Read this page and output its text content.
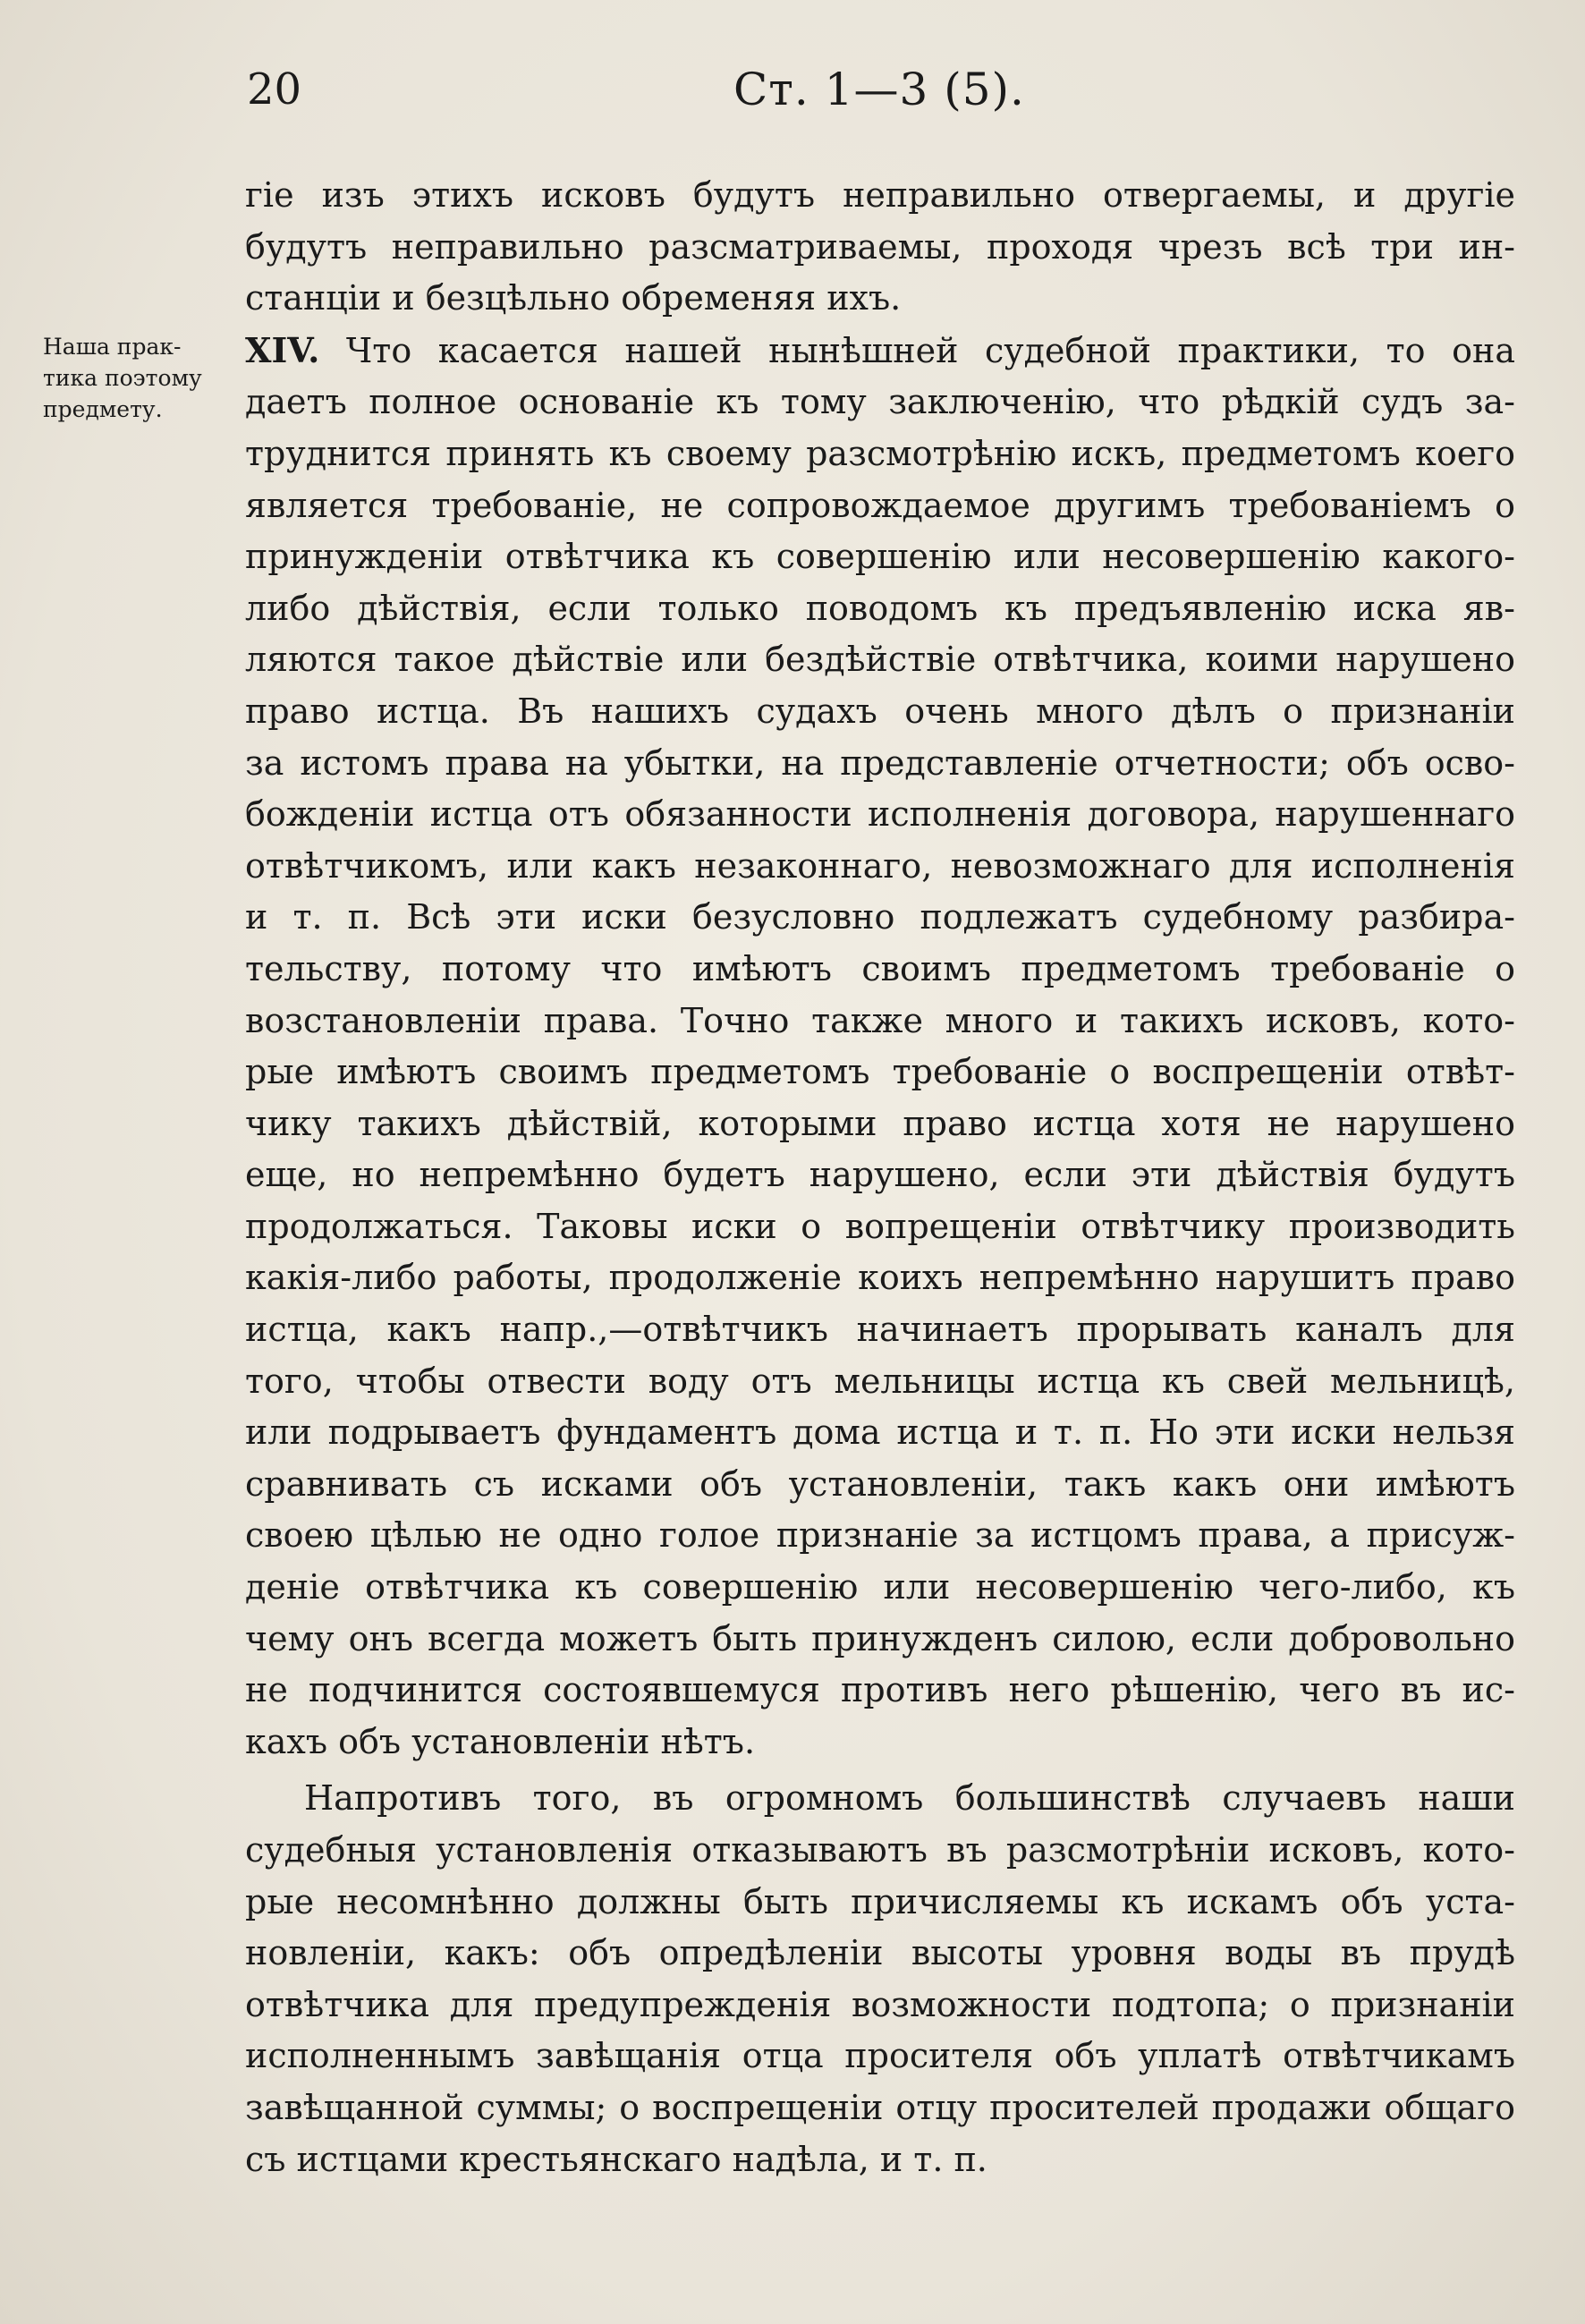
20	Ст. 1—3 (5).
Наша прак-
тика поэтому
предмету.
гіе изъ этихъ исковъ будутъ неправильно отвергаемы, и другіе
будутъ неправильно разсматриваемы, проходя чрезъ всѣ три ин-
станціи и безцѣльно обременяя ихъ.
XIV. Что касается нашей нынѣшней судебной практики, то она
даетъ полное основаніе къ тому заключенію, что рѣдкій судъ за-
труднится принять къ своему разсмотрѣнію искъ, предметомъ коего
является требованіе, не сопровождаемое другимъ требованіемъ о
принужденіи отвѣтчика къ совершенію или несовершенію какого-
либо дѣйствія, если только поводомъ къ предъявленію иска яв-
ляются такое дѣйствіе или бездѣйствіе отвѣтчика, коими нарушено
право истца. Въ нашихъ судахъ очень много дѣлъ о признаніи
за истомъ права на убытки, на представленіе отчетности; объ осво-
божденіи истца отъ обязанности исполненія договора, нарушеннаго
отвѣтчикомъ, или какъ незаконнаго, невозможнаго для исполненія
и т. п. Всѣ эти иски безусловно подлежатъ судебному разбира-
тельству, потому что имѣютъ своимъ предметомъ требованіе о
возстановленіи права. Точно также много и такихъ исковъ, кото-
рые имѣютъ своимъ предметомъ требованіе о воспрещеніи отвѣт-
чику такихъ дѣйствій, которыми право истца хотя не нарушено
еще, но непремѣнно будетъ нарушено, если эти дѣйствія будутъ
продолжаться. Таковы иски о вопрещеніи отвѣтчику производить
какія-либо работы, продолженіе коихъ непремѣнно нарушитъ право
истца, какъ напр.,—отвѣтчикъ начинаетъ прорывать каналъ для
того, чтобы отвести воду отъ мельницы истца къ свей мельницѣ,
или подрываетъ фундаментъ дома истца и т. п. Но эти иски нельзя
сравнивать съ исками объ установленіи, такъ какъ они имѣютъ
своею цѣлью не одно голое признаніе за истцомъ права, а присуж-
деніе отвѣтчика къ совершенію или несовершенію чего-либо, къ
чему онъ всегда можетъ быть принужденъ силою, если добровольно
не подчинится состоявшемуся противъ него рѣшенію, чего въ ис-
кахъ объ установленіи нѣтъ.
Напротивъ того, въ огромномъ большинствѣ случаевъ наши
судебныя установленія отказываютъ въ разсмотрѣніи исковъ, кото-
рые несомнѣнно должны быть причисляемы къ искамъ объ уста-
новленіи, какъ: объ опредѣленіи высоты уровня воды въ прудѣ
отвѣтчика для предупрежденія возможности подтопа; о признаніи
исполненнымъ завѣщанія отца просителя объ уплатѣ отвѣтчикамъ
завѣщанной суммы; о воспрещеніи отцу просителей продажи общаго
съ истцами крестьянскаго надѣла, и т. п.
